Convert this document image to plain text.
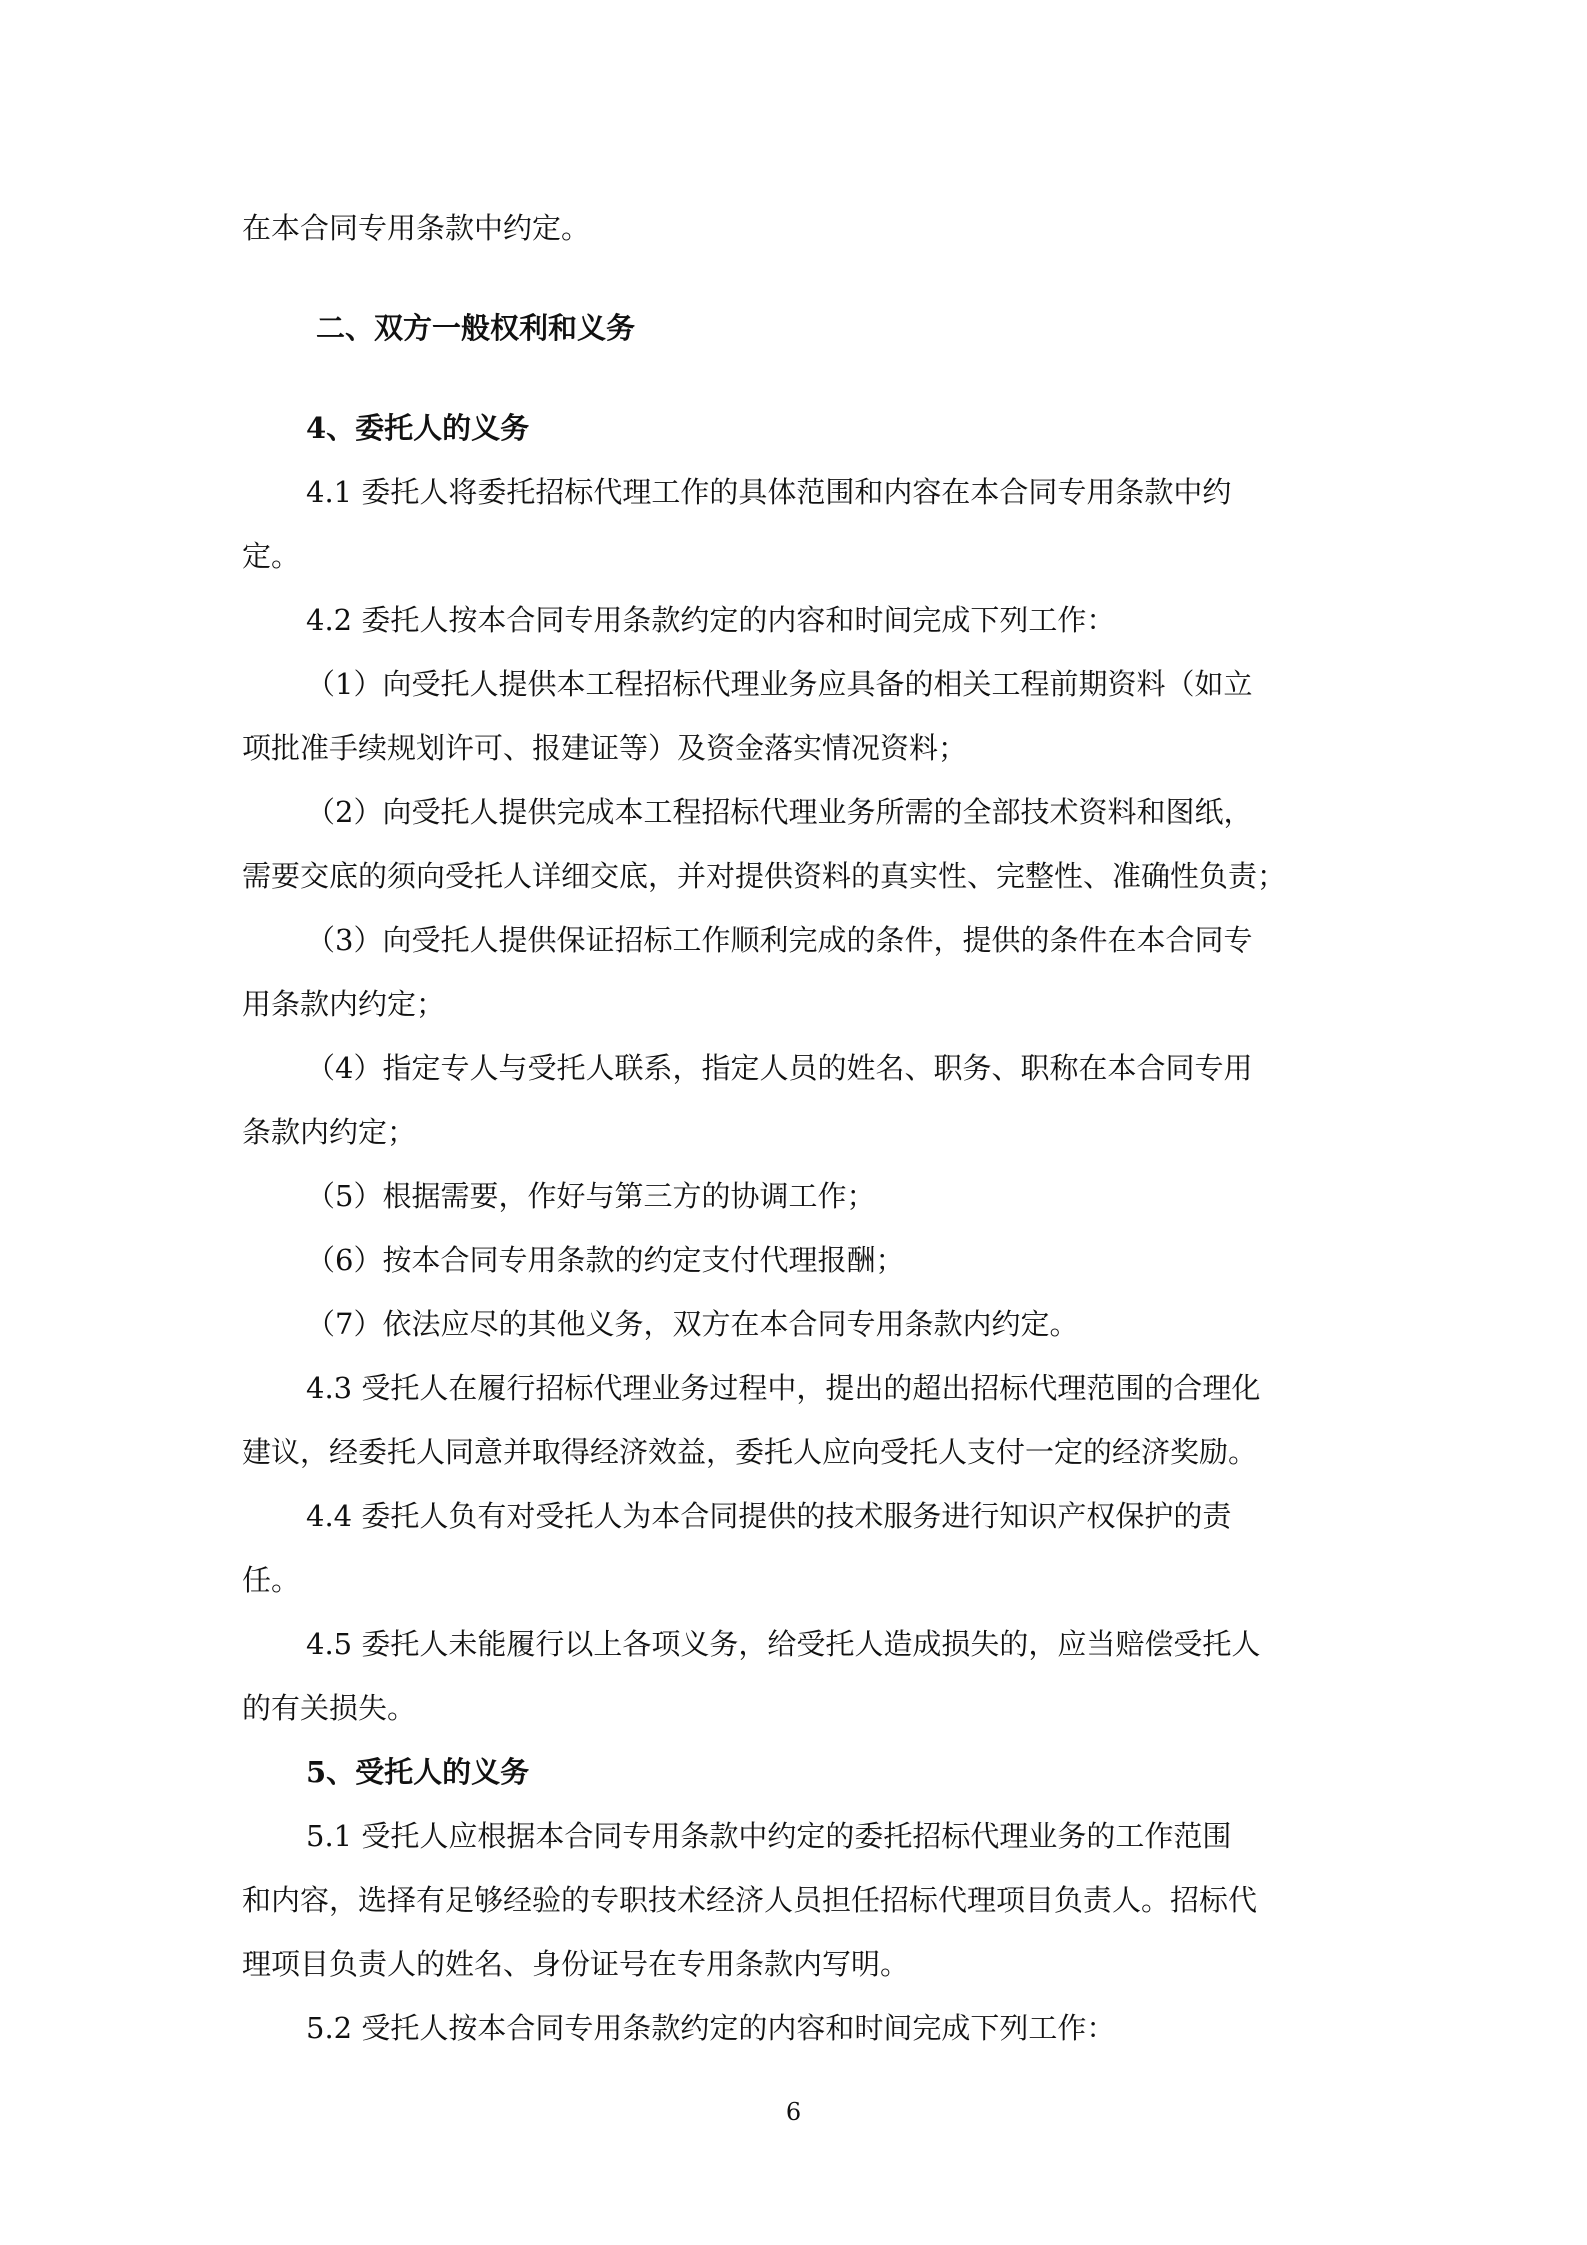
在本合同专用条款中约定。
二、双方一般权利和义务
4、委托人的义务
4.1 委托人将委托招标代理工作的具体范围和内容在本合同专用条款中约
定。
4.2 委托人按本合同专用条款约定的内容和时间完成下列工作：
（1）向受托人提供本工程招标代理业务应具备的相关工程前期资料（如立
项批准手续规划许可、报建证等）及资金落实情况资料；
（2）向受托人提供完成本工程招标代理业务所需的全部技术资料和图纸，
需要交底的须向受托人详细交底，并对提供资料的真实性、完整性、准确性负责；
（3）向受托人提供保证招标工作顺利完成的条件，提供的条件在本合同专
用条款内约定；
（4）指定专人与受托人联系，指定人员的姓名、职务、职称在本合同专用
条款内约定；
（5）根据需要，作好与第三方的协调工作；
（6）按本合同专用条款的约定支付代理报酬；
（7）依法应尽的其他义务，双方在本合同专用条款内约定。
4.3 受托人在履行招标代理业务过程中，提出的超出招标代理范围的合理化
建议，经委托人同意并取得经济效益，委托人应向受托人支付一定的经济奖励。
4.4 委托人负有对受托人为本合同提供的技术服务进行知识产权保护的责
任。
4.5 委托人未能履行以上各项义务，给受托人造成损失的，应当赔偿受托人
的有关损失。
5、受托人的义务
5.1 受托人应根据本合同专用条款中约定的委托招标代理业务的工作范围
和内容，选择有足够经验的专职技术经济人员担任招标代理项目负责人。招标代
理项目负责人的姓名、身份证号在专用条款内写明。
5.2 受托人按本合同专用条款约定的内容和时间完成下列工作：
6
